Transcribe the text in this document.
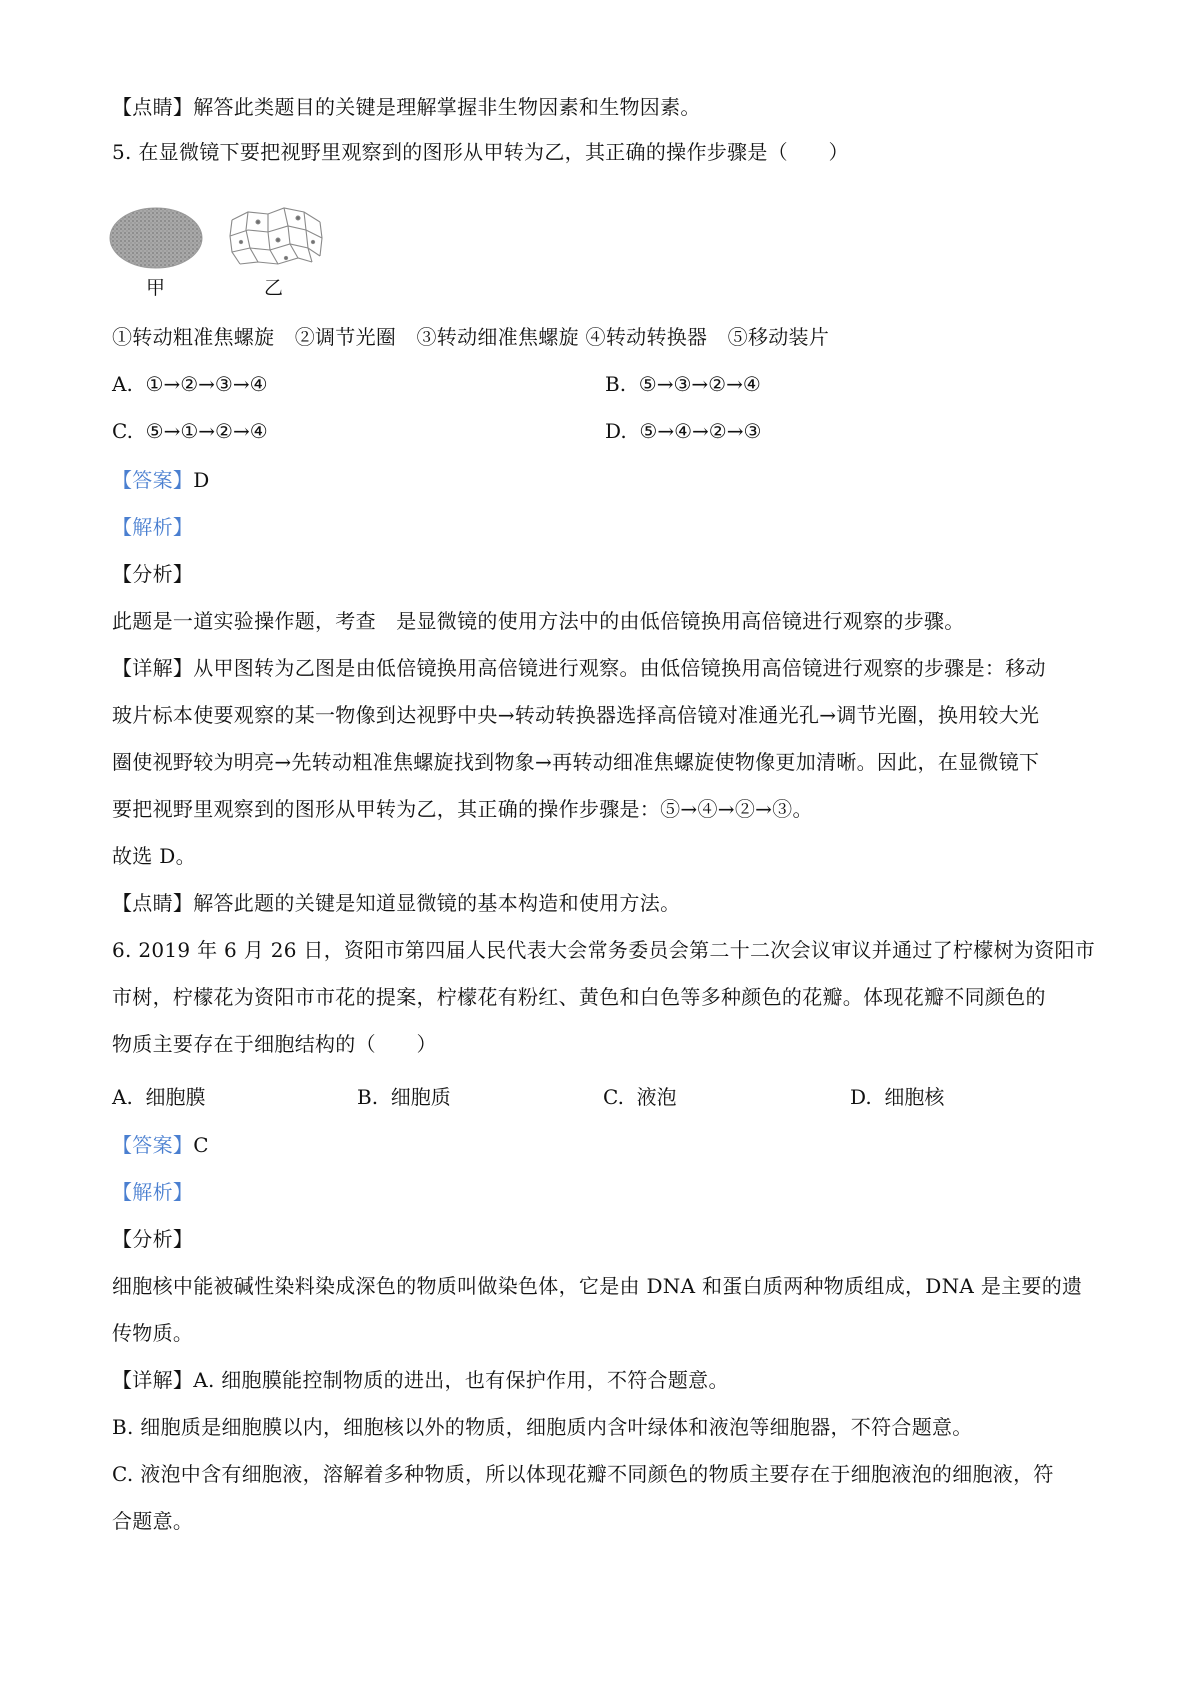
【点睛】解答此类题目的关键是理解掌握非生物因素和生物因素。
5. 在显微镜下要把视野里观察到的图形从甲转为乙，其正确的操作步骤是（　　）
甲	乙
①转动粗准焦螺旋　②调节光圈　③转动细准焦螺旋 ④转动转换器　⑤移动装片
A. ①→②→③→④	B. ⑤→③→②→④
C. ⑤→①→②→④	D. ⑤→④→②→③
【答案】D
【解析】
【分析】
此题是一道实验操作题，考查　是显微镜的使用方法中的由低倍镜换用高倍镜进行观察的步骤。
【详解】从甲图转为乙图是由低倍镜换用高倍镜进行观察。由低倍镜换用高倍镜进行观察的步骤是：移动
玻片标本使要观察的某一物像到达视野中央→转动转换器选择高倍镜对准通光孔→调节光圈，换用较大光
圈使视野较为明亮→先转动粗准焦螺旋找到物象→再转动细准焦螺旋使物像更加清晰。因此，在显微镜下
要把视野里观察到的图形从甲转为乙，其正确的操作步骤是：⑤→④→②→③。
故选 D。
【点睛】解答此题的关键是知道显微镜的基本构造和使用方法。
6. 2019 年 6 月 26 日，资阳市第四届人民代表大会常务委员会第二十二次会议审议并通过了柠檬树为资阳市
市树，柠檬花为资阳市市花的提案，柠檬花有粉红、黄色和白色等多种颜色的花瓣。体现花瓣不同颜色的
物质主要存在于细胞结构的（　　）
A. 细胞膜	B. 细胞质	C. 液泡	D. 细胞核
【答案】C
【解析】
【分析】
细胞核中能被碱性染料染成深色的物质叫做染色体，它是由 DNA 和蛋白质两种物质组成，DNA 是主要的遗
传物质。
【详解】A. 细胞膜能控制物质的进出，也有保护作用，不符合题意。
B. 细胞质是细胞膜以内，细胞核以外的物质，细胞质内含叶绿体和液泡等细胞器，不符合题意。
C. 液泡中含有细胞液，溶解着多种物质，所以体现花瓣不同颜色的物质主要存在于细胞液泡的细胞液，符
合题意。
